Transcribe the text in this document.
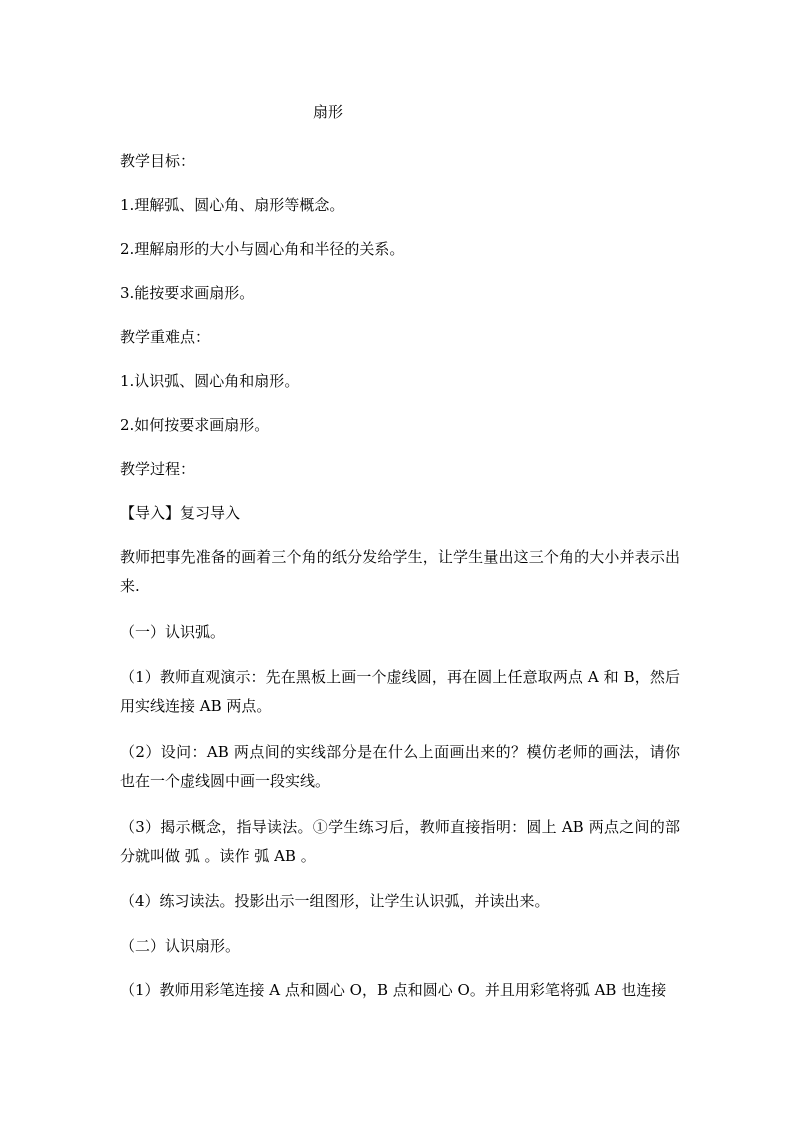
扇形
教学目标：
1.理解弧、圆心角、扇形等概念。
2.理解扇形的大小与圆心角和半径的关系。
3.能按要求画扇形。
教学重难点：
1.认识弧、圆心角和扇形。
2.如何按要求画扇形。
教学过程：
【导入】复习导入
教师把事先准备的画着三个角的纸分发给学生，让学生量出这三个角的大小并表示出来.
（一）认识弧。
（1）教师直观演示：先在黑板上画一个虚线圆，再在圆上任意取两点 A 和 B，然后用实线连接 AB 两点。
（2）设问：AB 两点间的实线部分是在什么上面画出来的？模仿老师的画法，请你也在一个虚线圆中画一段实线。
（3）揭示概念，指导读法。①学生练习后，教师直接指明：圆上 AB 两点之间的部分就叫做 弧 。读作 弧 AB 。
（4）练习读法。投影出示一组图形，让学生认识弧，并读出来。
（二）认识扇形。
（1）教师用彩笔连接 A 点和圆心 O，B 点和圆心 O。并且用彩笔将弧 AB 也连接
